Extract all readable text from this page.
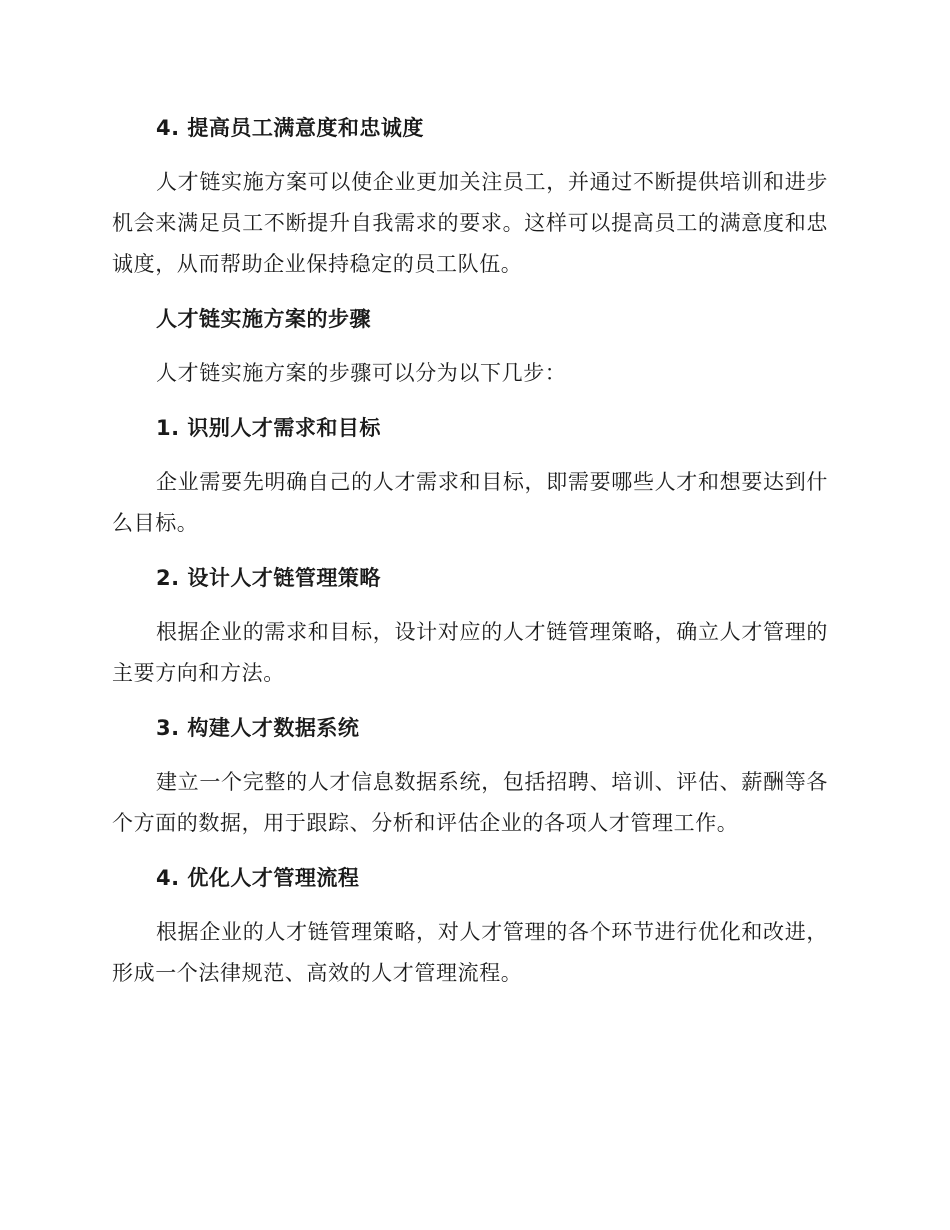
4. 提高员工满意度和忠诚度
人才链实施方案可以使企业更加关注员工，并通过不断提供培训和进步机会来满足员工不断提升自我需求的要求。这样可以提高员工的满意度和忠诚度，从而帮助企业保持稳定的员工队伍。
人才链实施方案的步骤
人才链实施方案的步骤可以分为以下几步：
1. 识别人才需求和目标
企业需要先明确自己的人才需求和目标，即需要哪些人才和想要达到什么目标。
2. 设计人才链管理策略
根据企业的需求和目标，设计对应的人才链管理策略，确立人才管理的主要方向和方法。
3. 构建人才数据系统
建立一个完整的人才信息数据系统，包括招聘、培训、评估、薪酬等各个方面的数据，用于跟踪、分析和评估企业的各项人才管理工作。
4. 优化人才管理流程
根据企业的人才链管理策略，对人才管理的各个环节进行优化和改进，形成一个法律规范、高效的人才管理流程。
